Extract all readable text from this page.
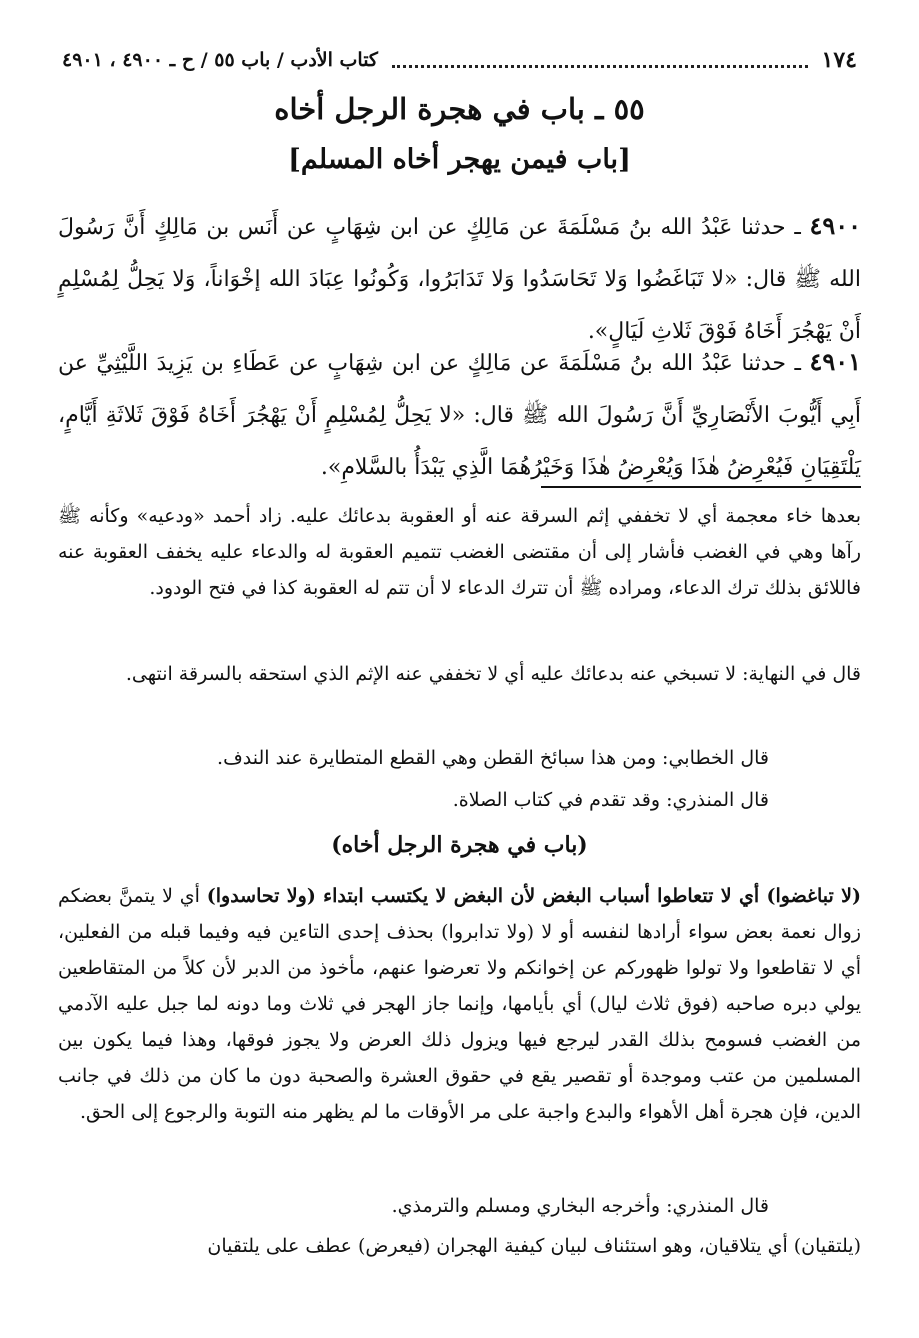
١٧٤
كتاب الأدب / باب ٥٥ / ح ـ ٤٩٠٠ ، ٤٩٠١
٥٥ ـ باب في هجرة الرجل أخاه
[باب فيمن يهجر أخاه المسلم]
٤٩٠٠ ـ حدثنا عَبْدُ الله بنُ مَسْلَمَةَ عن مَالِكٍ عن ابن شِهَابٍ عن أَنَس بن مَالِكٍ أَنَّ رَسُولَ الله ﷺ قال: «لا تَبَاغَضُوا وَلا تَحَاسَدُوا وَلا تَدَابَرُوا، وَكُونُوا عِبَادَ الله إخْوَاناً، وَلا يَحِلُّ لِمُسْلِمٍ أَنْ يَهْجُرَ أَخَاهُ فَوْقَ ثَلاثِ لَيَالٍ».
٤٩٠١ ـ حدثنا عَبْدُ الله بنُ مَسْلَمَةَ عن مَالِكٍ عن ابن شِهَابٍ عن عَطَاءِ بن يَزِيدَ اللَّيْثِيِّ عن أَبِي أَيُّوبَ الأَنْصَارِيِّ أَنَّ رَسُولَ الله ﷺ قال: «لا يَحِلُّ لِمُسْلِمٍ أَنْ يَهْجُرَ أَخَاهُ فَوْقَ ثَلاثَةِ أَيَّامٍ، يَلْتَقِيَانِ فَيُعْرِضُ هٰذَا وَيُعْرِضُ هٰذَا وَخَيْرُهُمَا الَّذِي يَبْدَأُ بالسَّلامِ».
بعدها خاء معجمة أي لا تخففي إثم السرقة عنه أو العقوبة بدعائك عليه. زاد أحمد «ودعيه» وكأنه ﷺ رآها وهي في الغضب فأشار إلى أن مقتضى الغضب تتميم العقوبة له والدعاء عليه يخفف العقوبة عنه فاللائق بذلك ترك الدعاء، ومراده ﷺ أن تترك الدعاء لا أن تتم له العقوبة كذا في فتح الودود.
قال في النهاية: لا تسبخي عنه بدعائك عليه أي لا تخففي عنه الإثم الذي استحقه بالسرقة انتهى.
قال الخطابي: ومن هذا سبائخ القطن وهي القطع المتطايرة عند الندف.
قال المنذري: وقد تقدم في كتاب الصلاة.
(باب في هجرة الرجل أخاه)
(لا تباغضوا) أي لا تتعاطوا أسباب البغض لأن البغض لا يكتسب ابتداء (ولا تحاسدوا) أي لا يتمنَّ بعضكم زوال نعمة بعض سواء أرادها لنفسه أو لا (ولا تدابروا) بحذف إحدى التاءين فيه وفيما قبله من الفعلين، أي لا تقاطعوا ولا تولوا ظهوركم عن إخوانكم ولا تعرضوا عنهم، مأخوذ من الدبر لأن كلاً من المتقاطعين يولي دبره صاحبه (فوق ثلاث ليال) أي بأيامها، وإنما جاز الهجر في ثلاث وما دونه لما جبل عليه الآدمي من الغضب فسومح بذلك القدر ليرجع فيها ويزول ذلك العرض ولا يجوز فوقها، وهذا فيما يكون بين المسلمين من عتب وموجدة أو تقصير يقع في حقوق العشرة والصحبة دون ما كان من ذلك في جانب الدين، فإن هجرة أهل الأهواء والبدع واجبة على مر الأوقات ما لم يظهر منه التوبة والرجوع إلى الحق.
قال المنذري: وأخرجه البخاري ومسلم والترمذي.
(يلتقيان) أي يتلاقيان، وهو استئناف لبيان كيفية الهجران (فيعرض) عطف على يلتقيان
